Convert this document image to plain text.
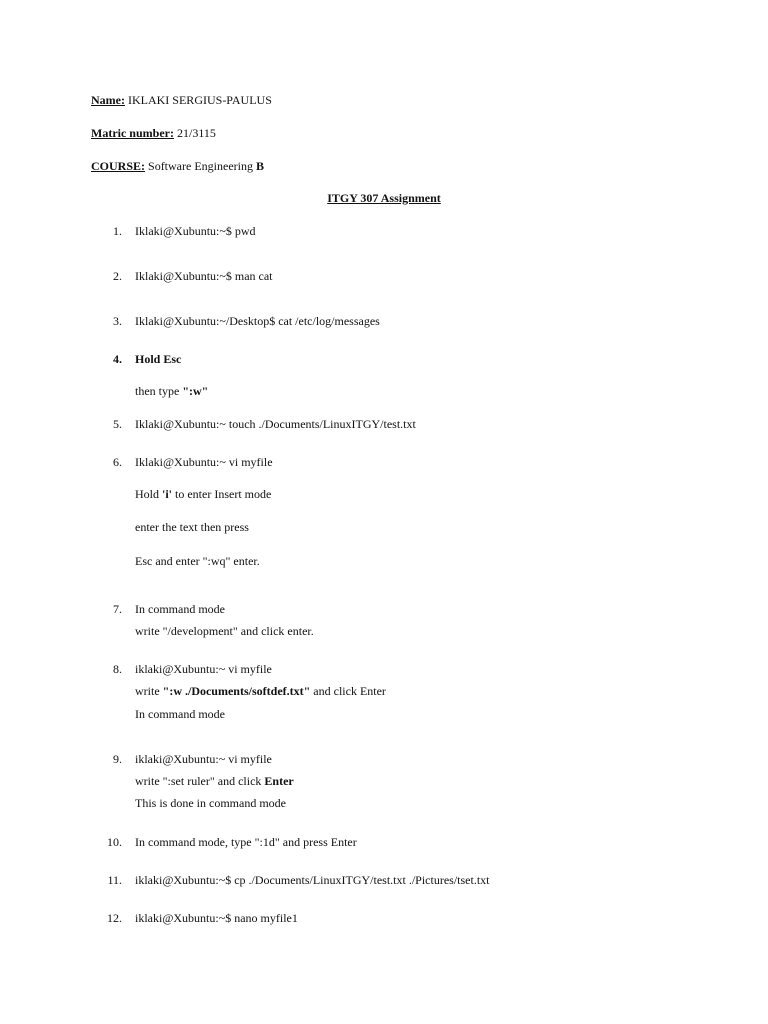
Name: IKLAKI SERGIUS-PAULUS
Matric number: 21/3115
COURSE: Software Engineering B
ITGY 307 Assignment
1. Iklaki@Xubuntu:~$ pwd
2. Iklaki@Xubuntu:~$ man cat
3. Iklaki@Xubuntu:~/Desktop$ cat /etc/log/messages
4. Hold Esc
then type ":w"
5. Iklaki@Xubuntu:~ touch ./Documents/LinuxITGY/test.txt
6. Iklaki@Xubuntu:~ vi myfile
Hold 'i' to enter Insert mode
enter the text then press
Esc and enter ":wq" enter.
7. In command mode
write "/development" and click enter.
8. iklaki@Xubuntu:~ vi myfile
write ":w ./Documents/softdef.txt" and click Enter
In command mode
9. iklaki@Xubuntu:~ vi myfile
write ":set ruler" and click Enter
This is done in command mode
10. In command mode, type ":1d" and press Enter
11. iklaki@Xubuntu:~$ cp ./Documents/LinuxITGY/test.txt ./Pictures/tset.txt
12. iklaki@Xubuntu:~$ nano myfile1
